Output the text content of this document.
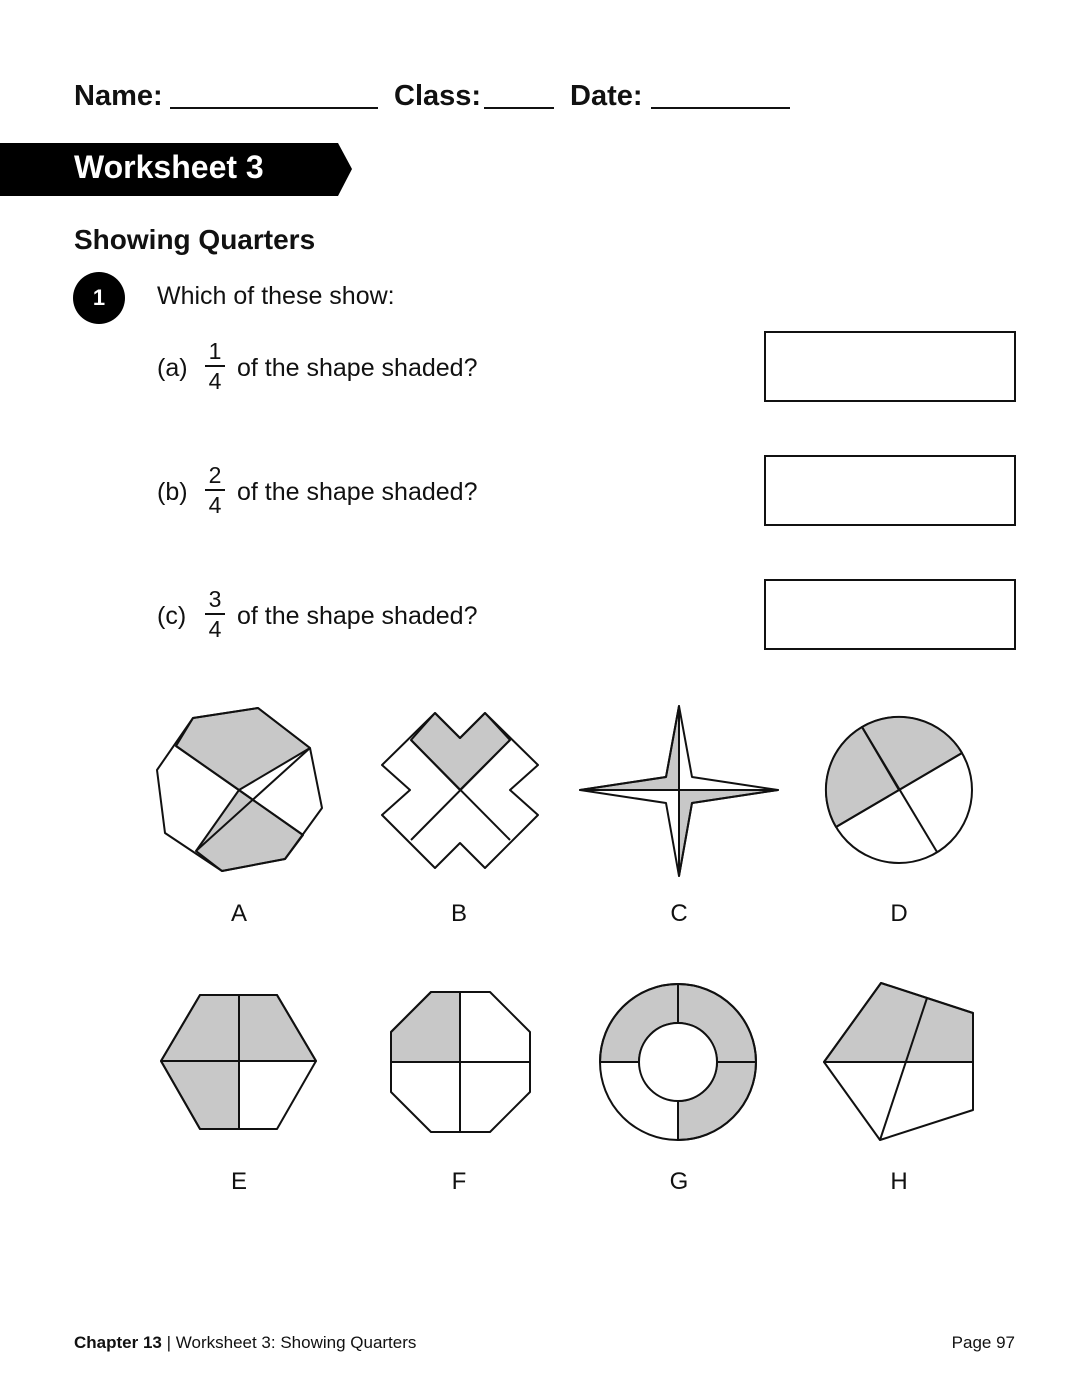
Name:	Class:	Date:
Worksheet 3
Showing Quarters
1	Which of these show:
(a)
1
4 of the shape shaded?
(b)
2
4 of the shape shaded?
(c)
3
4 of the shape shaded?
A	B	C	D
E	F	G	H
Chapter 13 | Worksheet 3: Showing Quarters	Page 97
